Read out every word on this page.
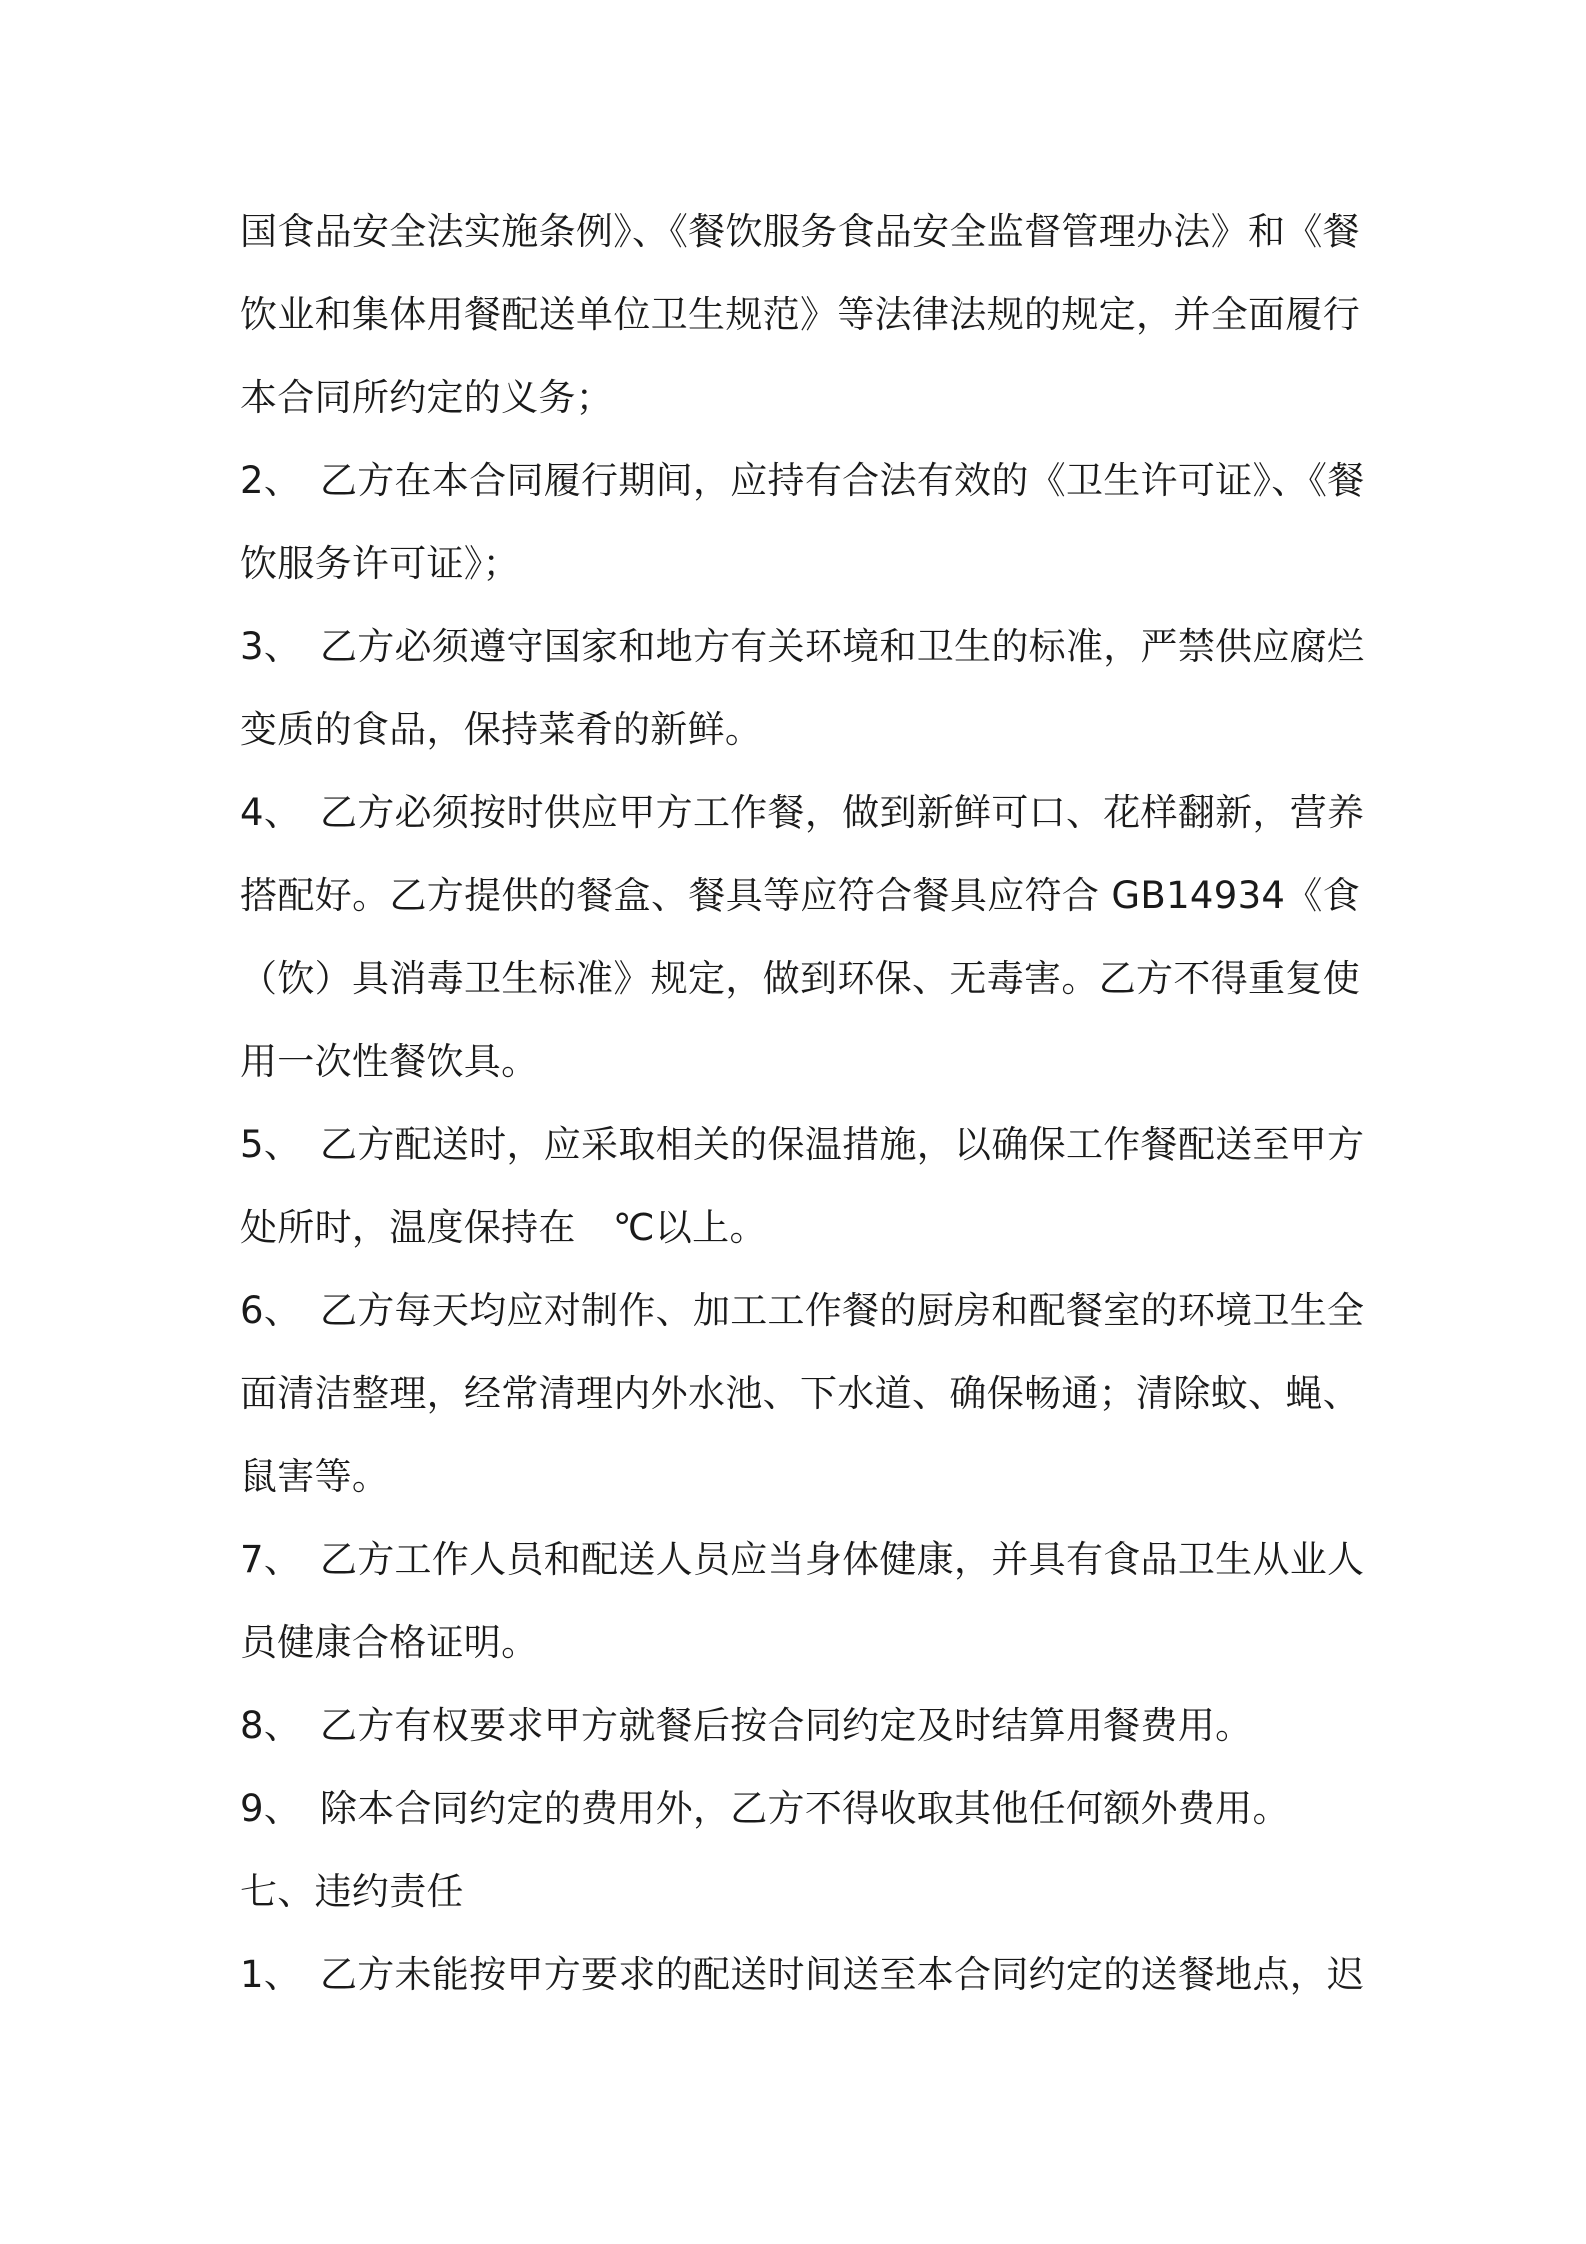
国食品安全法实施条例》、《餐饮服务食品安全监督管理办法》和《餐
饮业和集体用餐配送单位卫生规范》等法律法规的规定，并全面履行
本合同所约定的义务；
2、　乙方在本合同履行期间，应持有合法有效的《卫生许可证》、《餐
饮服务许可证》；
3、　乙方必须遵守国家和地方有关环境和卫生的标准，严禁供应腐烂
变质的食品，保持菜肴的新鲜。
4、　乙方必须按时供应甲方工作餐，做到新鲜可口、花样翻新，营养
搭配好。乙方提供的餐盒、餐具等应符合餐具应符合 GB14934《食
（饮）具消毒卫生标准》规定，做到环保、无毒害。乙方不得重复使
用一次性餐饮具。
5、　乙方配送时，应采取相关的保温措施，以确保工作餐配送至甲方
处所时，温度保持在　℃以上。
6、　乙方每天均应对制作、加工工作餐的厨房和配餐室的环境卫生全
面清洁整理，经常清理内外水池、下水道、确保畅通；清除蚊、蝇、
鼠害等。
7、　乙方工作人员和配送人员应当身体健康，并具有食品卫生从业人
员健康合格证明。
8、　乙方有权要求甲方就餐后按合同约定及时结算用餐费用。
9、　除本合同约定的费用外，乙方不得收取其他任何额外费用。
七、违约责任
1、　乙方未能按甲方要求的配送时间送至本合同约定的送餐地点，迟
